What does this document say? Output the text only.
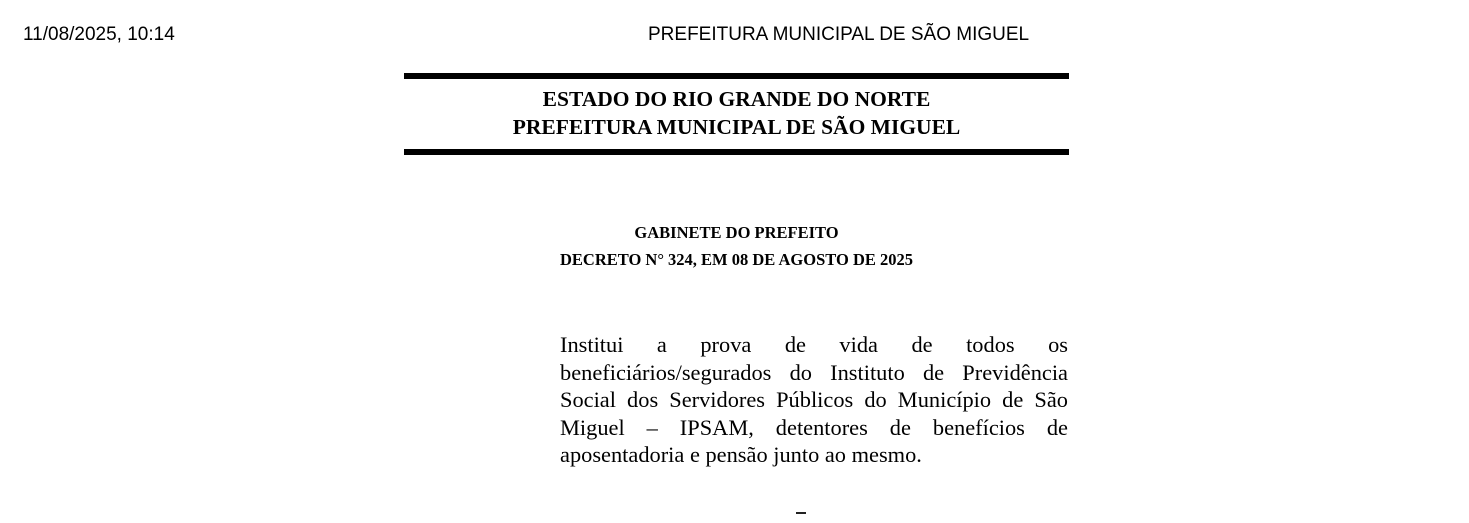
11/08/2025, 10:14	PREFEITURA MUNICIPAL DE SÃO MIGUEL
ESTADO DO RIO GRANDE DO NORTE
PREFEITURA MUNICIPAL DE SÃO MIGUEL
GABINETE DO PREFEITO
DECRETO N° 324, EM 08 DE AGOSTO DE 2025
Institui a prova de vida de todos os beneficiários/segurados do Instituto de Previdência Social dos Servidores Públicos do Município de São Miguel – IPSAM, detentores de benefícios de aposentadoria e pensão junto ao mesmo.
